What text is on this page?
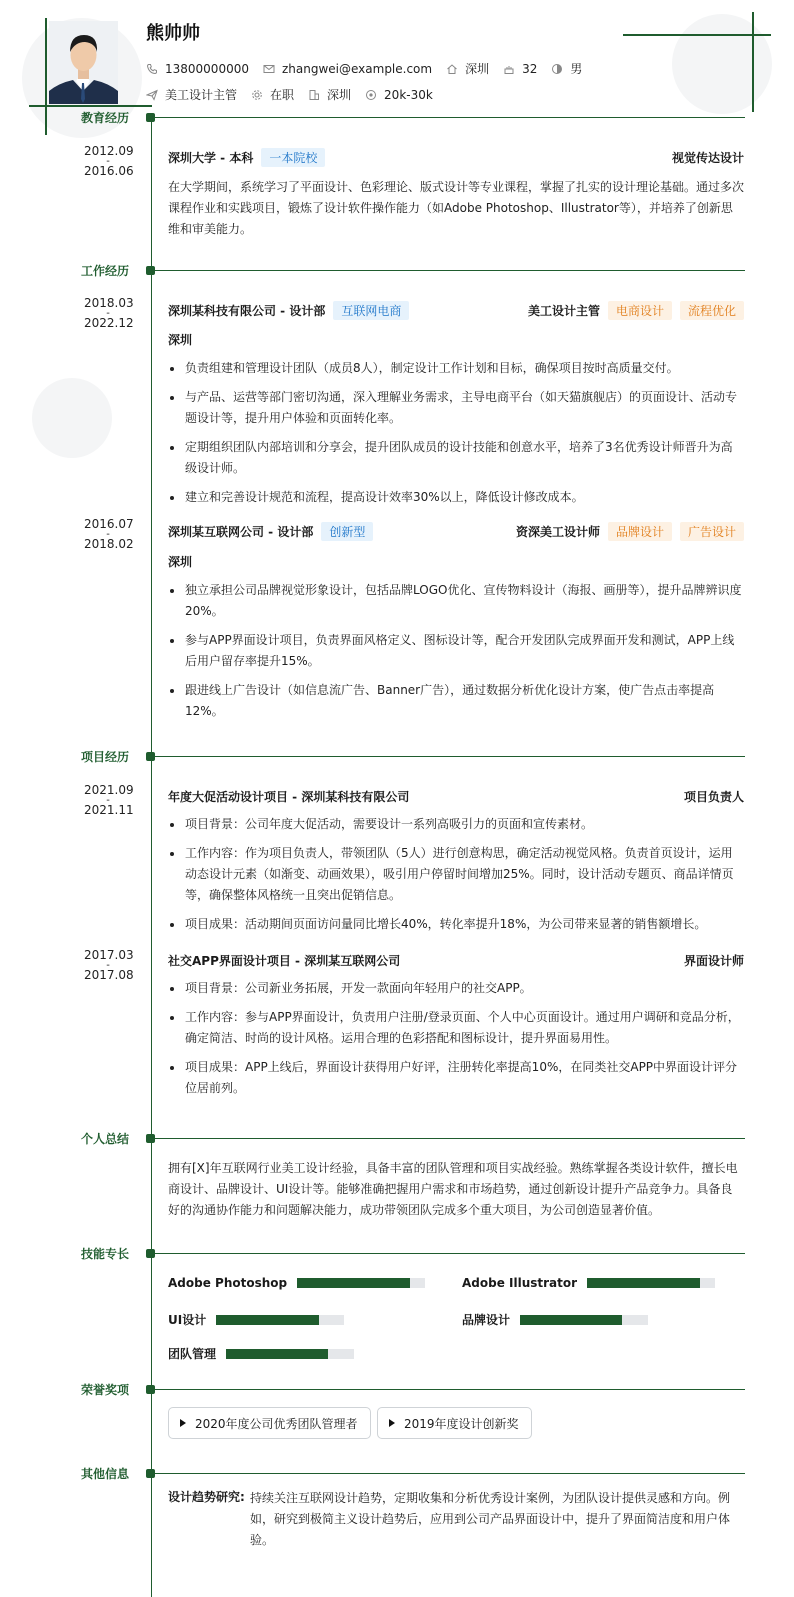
熊帅帅
13800000000	zhangwei@example.com	深圳	32	男
美工设计主管	在职	深圳	20k-30k
教育经历
2012.09
-
2016.06
深圳大学 - 本科	一本院校	视觉传达设计
在大学期间，系统学习了平面设计、色彩理论、版式设计等专业课程，掌握了扎实的设计理论基础。通过多次课程作业和实践项目，锻炼了设计软件操作能力（如Adobe Photoshop、Illustrator等），并培养了创新思维和审美能力。
工作经历
2018.03
-
2022.12
深圳某科技有限公司 - 设计部	互联网电商	美工设计主管	电商设计	流程优化
深圳
负责组建和管理设计团队（成员8人），制定设计工作计划和目标，确保项目按时高质量交付。
与产品、运营等部门密切沟通，深入理解业务需求，主导电商平台（如天猫旗舰店）的页面设计、活动专题设计等，提升用户体验和页面转化率。
定期组织团队内部培训和分享会，提升团队成员的设计技能和创意水平，培养了3名优秀设计师晋升为高级设计师。
建立和完善设计规范和流程，提高设计效率30%以上，降低设计修改成本。
2016.07
-
2018.02
深圳某互联网公司 - 设计部	创新型	资深美工设计师	品牌设计	广告设计
深圳
独立承担公司品牌视觉形象设计，包括品牌LOGO优化、宣传物料设计（海报、画册等），提升品牌辨识度20%。
参与APP界面设计项目，负责界面风格定义、图标设计等，配合开发团队完成界面开发和测试，APP上线后用户留存率提升15%。
跟进线上广告设计（如信息流广告、Banner广告），通过数据分析优化设计方案，使广告点击率提高12%。
项目经历
2021.09
-
2021.11
年度大促活动设计项目 - 深圳某科技有限公司	项目负责人
项目背景：公司年度大促活动，需要设计一系列高吸引力的页面和宣传素材。
工作内容：作为项目负责人，带领团队（5人）进行创意构思，确定活动视觉风格。负责首页设计，运用动态设计元素（如渐变、动画效果），吸引用户停留时间增加25%。同时，设计活动专题页、商品详情页等，确保整体风格统一且突出促销信息。
项目成果：活动期间页面访问量同比增长40%，转化率提升18%，为公司带来显著的销售额增长。
2017.03
-
2017.08
社交APP界面设计项目 - 深圳某互联网公司	界面设计师
项目背景：公司新业务拓展，开发一款面向年轻用户的社交APP。
工作内容：参与APP界面设计，负责用户注册/登录页面、个人中心页面设计。通过用户调研和竞品分析，确定简洁、时尚的设计风格。运用合理的色彩搭配和图标设计，提升界面易用性。
项目成果：APP上线后，界面设计获得用户好评，注册转化率提高10%，在同类社交APP中界面设计评分位居前列。
个人总结
拥有[X]年互联网行业美工设计经验，具备丰富的团队管理和项目实战经验。熟练掌握各类设计软件，擅长电商设计、品牌设计、UI设计等。能够准确把握用户需求和市场趋势，通过创新设计提升产品竞争力。具备良好的沟通协作能力和问题解决能力，成功带领团队完成多个重大项目，为公司创造显著价值。
技能专长
Adobe Photoshop	Adobe Illustrator
UI设计	品牌设计
团队管理
荣誉奖项
2020年度公司优秀团队管理者	2019年度设计创新奖
其他信息
设计趋势研究: 持续关注互联网设计趋势，定期收集和分析优秀设计案例，为团队设计提供灵感和方向。例如，研究到极简主义设计趋势后，应用到公司产品界面设计中，提升了界面简洁度和用户体验。
